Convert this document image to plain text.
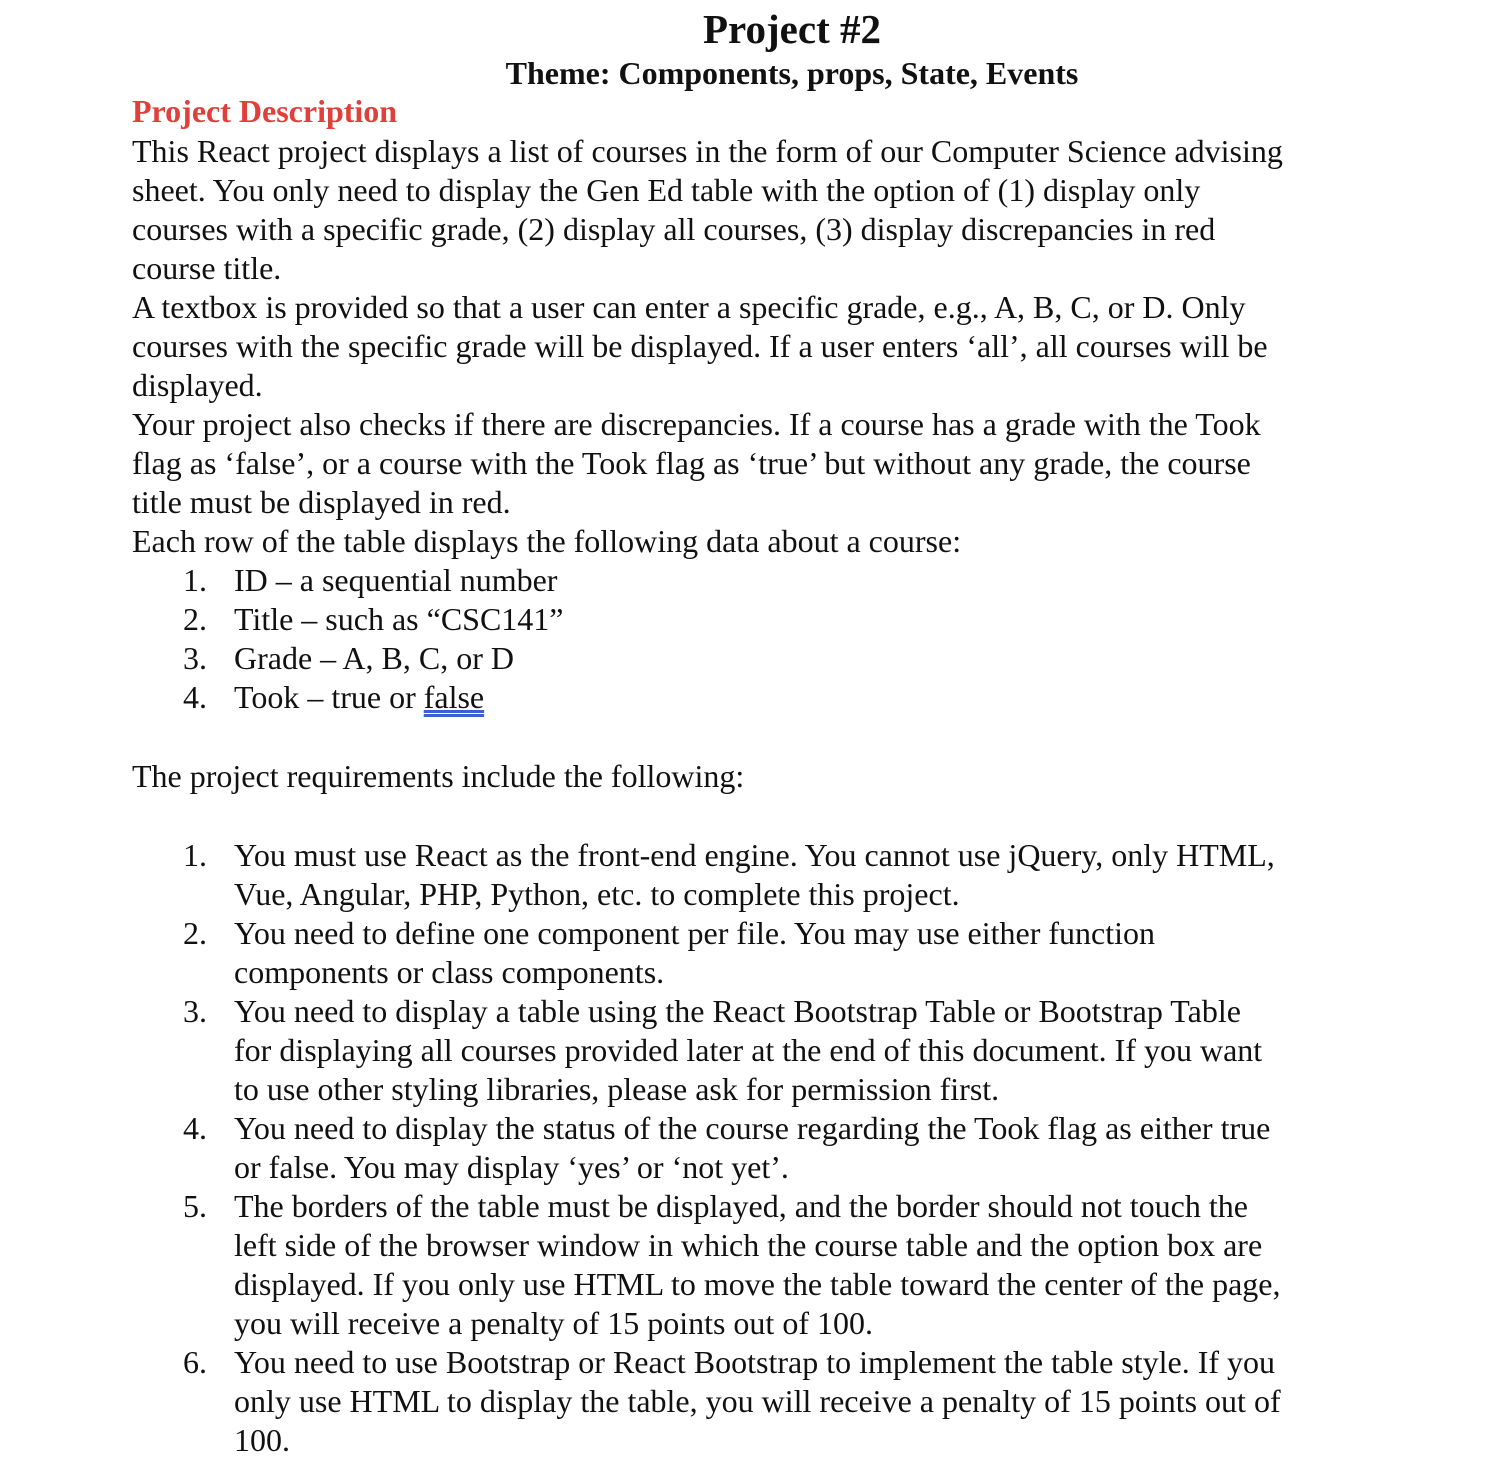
Project #2
Theme: Components, props, State, Events
Project Description
This React project displays a list of courses in the form of our Computer Science advising
sheet. You only need to display the Gen Ed table with the option of (1) display only
courses with a specific grade, (2) display all courses, (3) display discrepancies in red
course title.
A textbox is provided so that a user can enter a specific grade, e.g., A, B, C, or D. Only
courses with the specific grade will be displayed. If a user enters ‘all’, all courses will be
displayed.
Your project also checks if there are discrepancies. If a course has a grade with the Took
flag as ‘false’, or a course with the Took flag as ‘true’ but without any grade, the course
title must be displayed in red.
Each row of the table displays the following data about a course:
1. ID – a sequential number
2. Title – such as “CSC141”
3. Grade – A, B, C, or D
4. Took – true or false

The project requirements include the following:

1. You must use React as the front-end engine. You cannot use jQuery, only HTML,
Vue, Angular, PHP, Python, etc. to complete this project.
2. You need to define one component per file. You may use either function
components or class components.
3. You need to display a table using the React Bootstrap Table or Bootstrap Table
for displaying all courses provided later at the end of this document. If you want
to use other styling libraries, please ask for permission first.
4. You need to display the status of the course regarding the Took flag as either true
or false. You may display ‘yes’ or ‘not yet’.
5. The borders of the table must be displayed, and the border should not touch the
left side of the browser window in which the course table and the option box are
displayed. If you only use HTML to move the table toward the center of the page,
you will receive a penalty of 15 points out of 100.
6. You need to use Bootstrap or React Bootstrap to implement the table style. If you
only use HTML to display the table, you will receive a penalty of 15 points out of
100.
